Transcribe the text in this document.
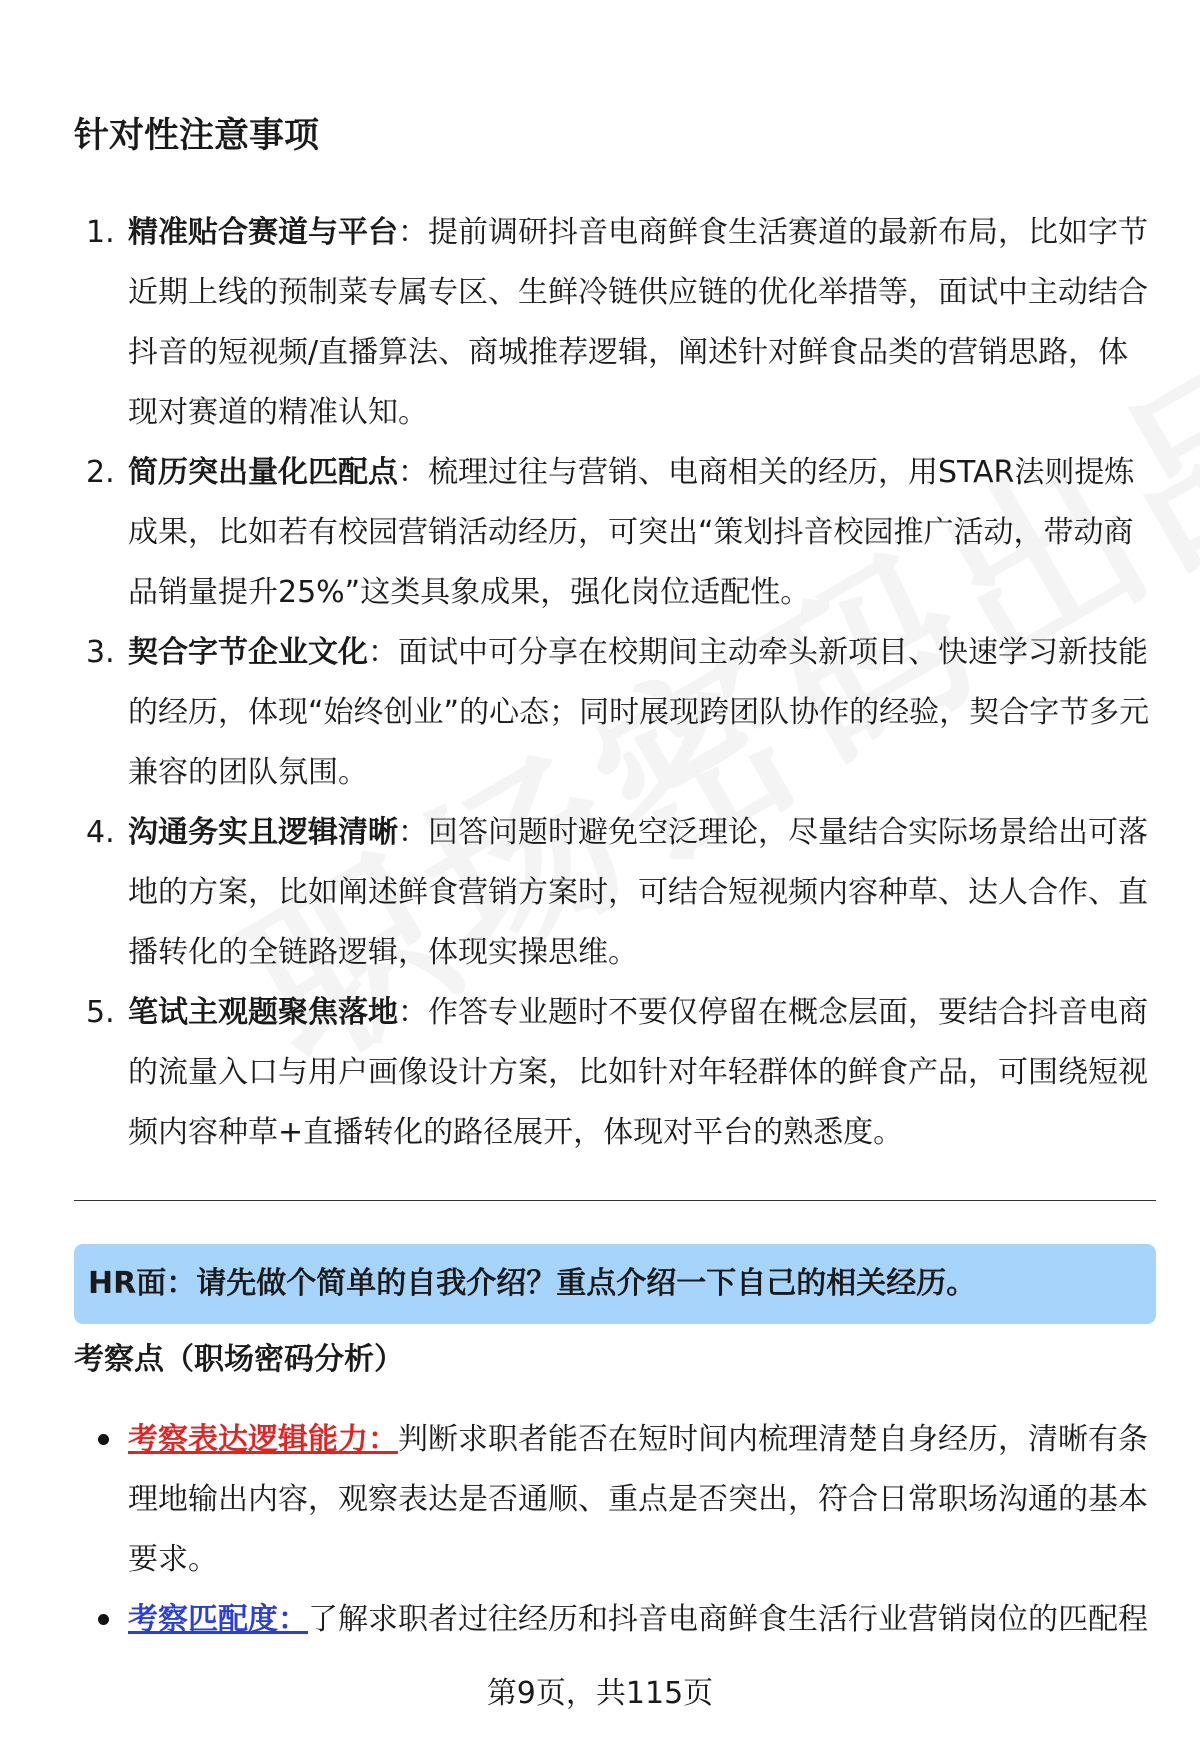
针对性注意事项
1. 精准贴合赛道与平台：提前调研抖音电商鲜食生活赛道的最新布局，比如字节近期上线的预制菜专属专区、生鲜冷链供应链的优化举措等，面试中主动结合抖音的短视频/直播算法、商城推荐逻辑，阐述针对鲜食品类的营销思路，体现对赛道的精准认知。
2. 简历突出量化匹配点：梳理过往与营销、电商相关的经历，用STAR法则提炼成果，比如若有校园营销活动经历，可突出“策划抖音校园推广活动，带动商品销量提升25%”这类具象成果，强化岗位适配性。
3. 契合字节企业文化：面试中可分享在校期间主动牵头新项目、快速学习新技能的经历，体现“始终创业”的心态；同时展现跨团队协作的经验，契合字节多元兼容的团队氛围。
4. 沟通务实且逻辑清晰：回答问题时避免空泛理论，尽量结合实际场景给出可落地的方案，比如阐述鲜食营销方案时，可结合短视频内容种草、达人合作、直播转化的全链路逻辑，体现实操思维。
5. 笔试主观题聚焦落地：作答专业题时不要仅停留在概念层面，要结合抖音电商的流量入口与用户画像设计方案，比如针对年轻群体的鲜食产品，可围绕短视频内容种草+直播转化的路径展开，体现对平台的熟悉度。
HR面：请先做个简单的自我介绍？重点介绍一下自己的相关经历。
考察点（职场密码分析）
考察表达逻辑能力：判断求职者能否在短时间内梳理清楚自身经历，清晰有条理地输出内容，观察表达是否通顺、重点是否突出，符合日常职场沟通的基本要求。
考察匹配度：了解求职者过往经历和抖音电商鲜食生活行业营销岗位的匹配程
第9页，共115页
